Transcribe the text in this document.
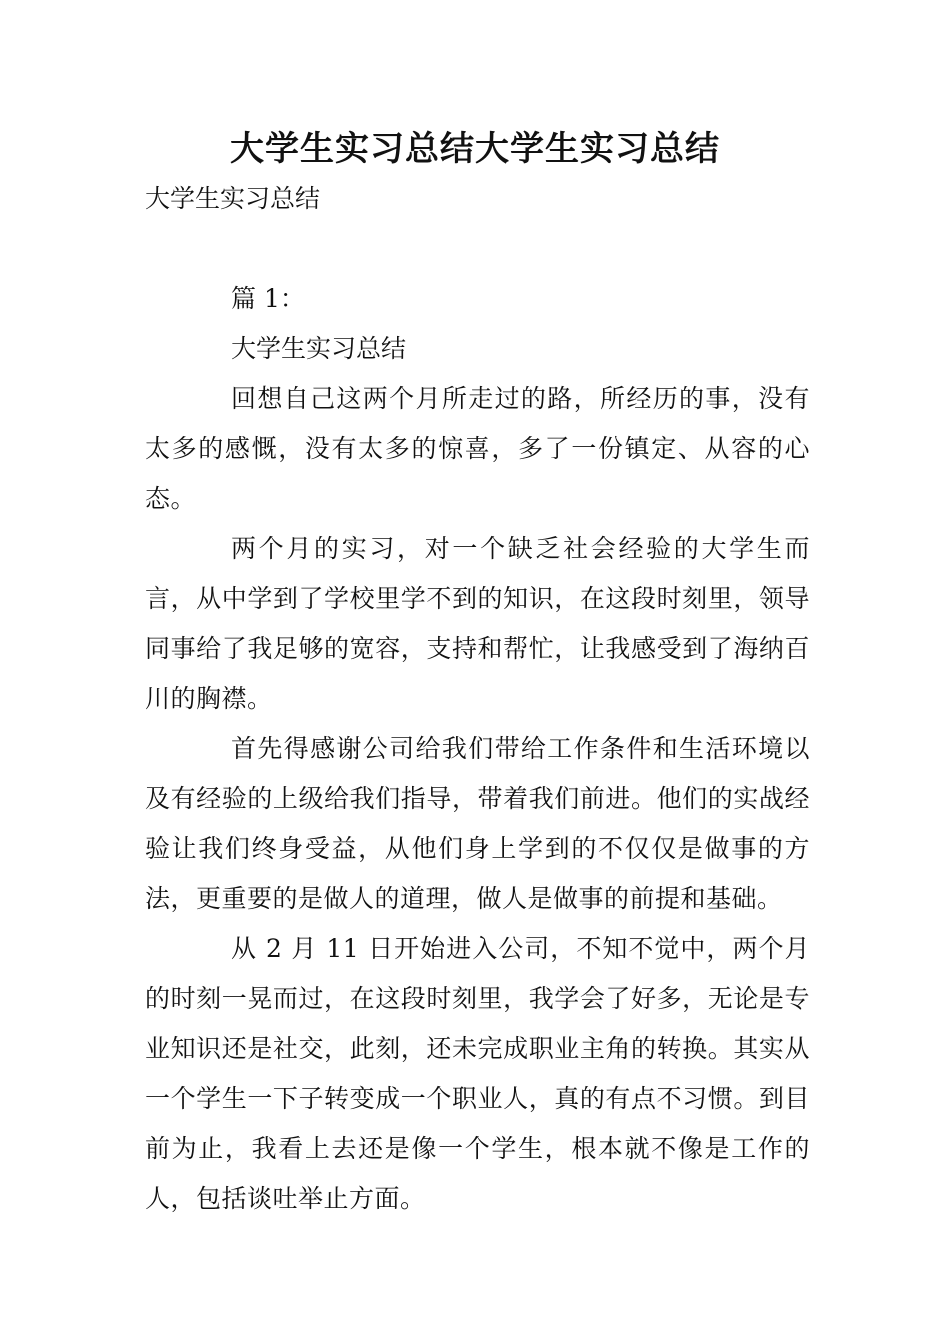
大学生实习总结大学生实习总结

大学生实习总结

篇 1：

大学生实习总结

回想自己这两个月所走过的路，所经历的事，没有太多的感慨，没有太多的惊喜，多了一份镇定、从容的心态。

两个月的实习，对一个缺乏社会经验的大学生而言，从中学到了学校里学不到的知识，在这段时刻里，领导同事给了我足够的宽容，支持和帮忙，让我感受到了海纳百川的胸襟。

首先得感谢公司给我们带给工作条件和生活环境以及有经验的上级给我们指导，带着我们前进。他们的实战经验让我们终身受益，从他们身上学到的不仅仅是做事的方法，更重要的是做人的道理，做人是做事的前提和基础。

从 2 月 11 日开始进入公司，不知不觉中，两个月的时刻一晃而过，在这段时刻里，我学会了好多，无论是专业知识还是社交，此刻，还未完成职业主角的转换。其实从一个学生一下子转变成一个职业人，真的有点不习惯。到目前为止，我看上去还是像一个学生，根本就不像是工作的人，包括谈吐举止方面。
